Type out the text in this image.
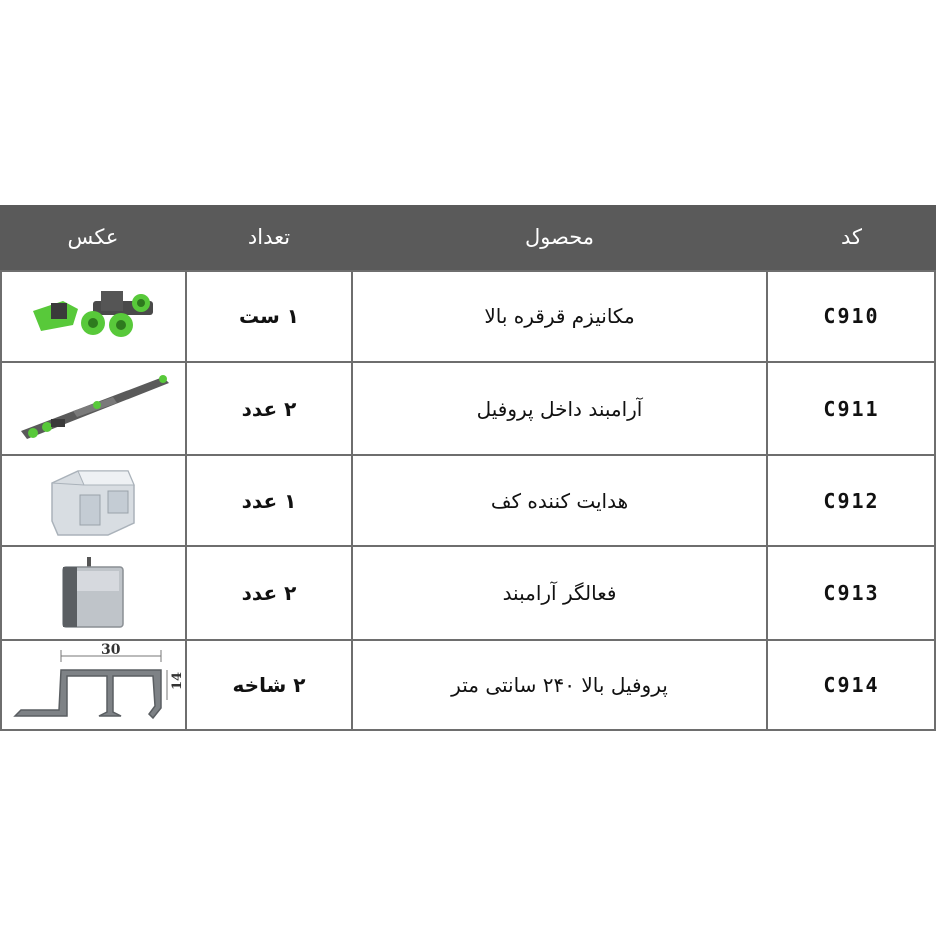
کد
محصول
تعداد
عکس
C910
مکانیزم قرقره بالا
۱ ست
C911
آرامبند داخل پروفیل
۲ عدد
C912
هدایت کننده کف
۱ عدد
C913
فعالگر آرامبند
۲ عدد
C914
پروفیل بالا ۲۴۰ سانتی متر
۲ شاخه
30
14
